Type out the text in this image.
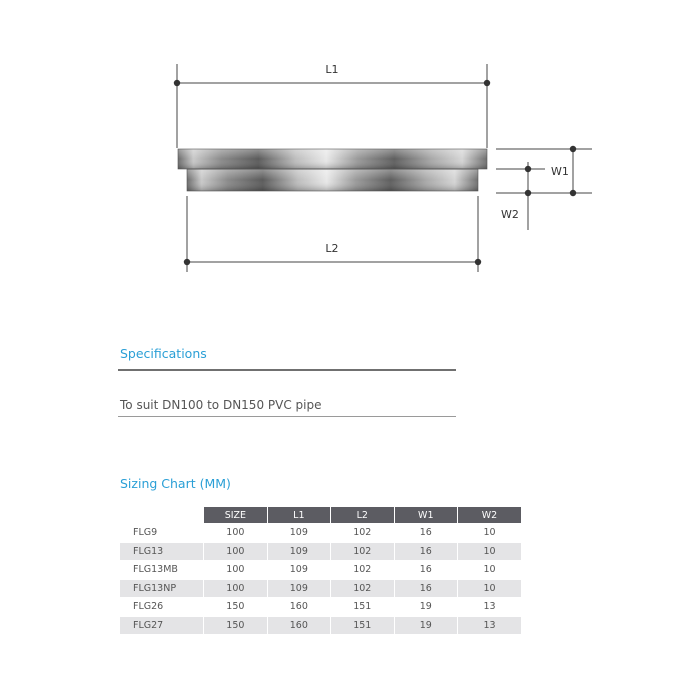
L1
L2
W1
W2
Specifications
To suit DN100 to DN150 PVC pipe
Sizing Chart (MM)
	SIZE	L1	L2	W1	W2
FLG9	100	109	102	16	10
FLG13	100	109	102	16	10
FLG13MB	100	109	102	16	10
FLG13NP	100	109	102	16	10
FLG26	150	160	151	19	13
FLG27	150	160	151	19	13
